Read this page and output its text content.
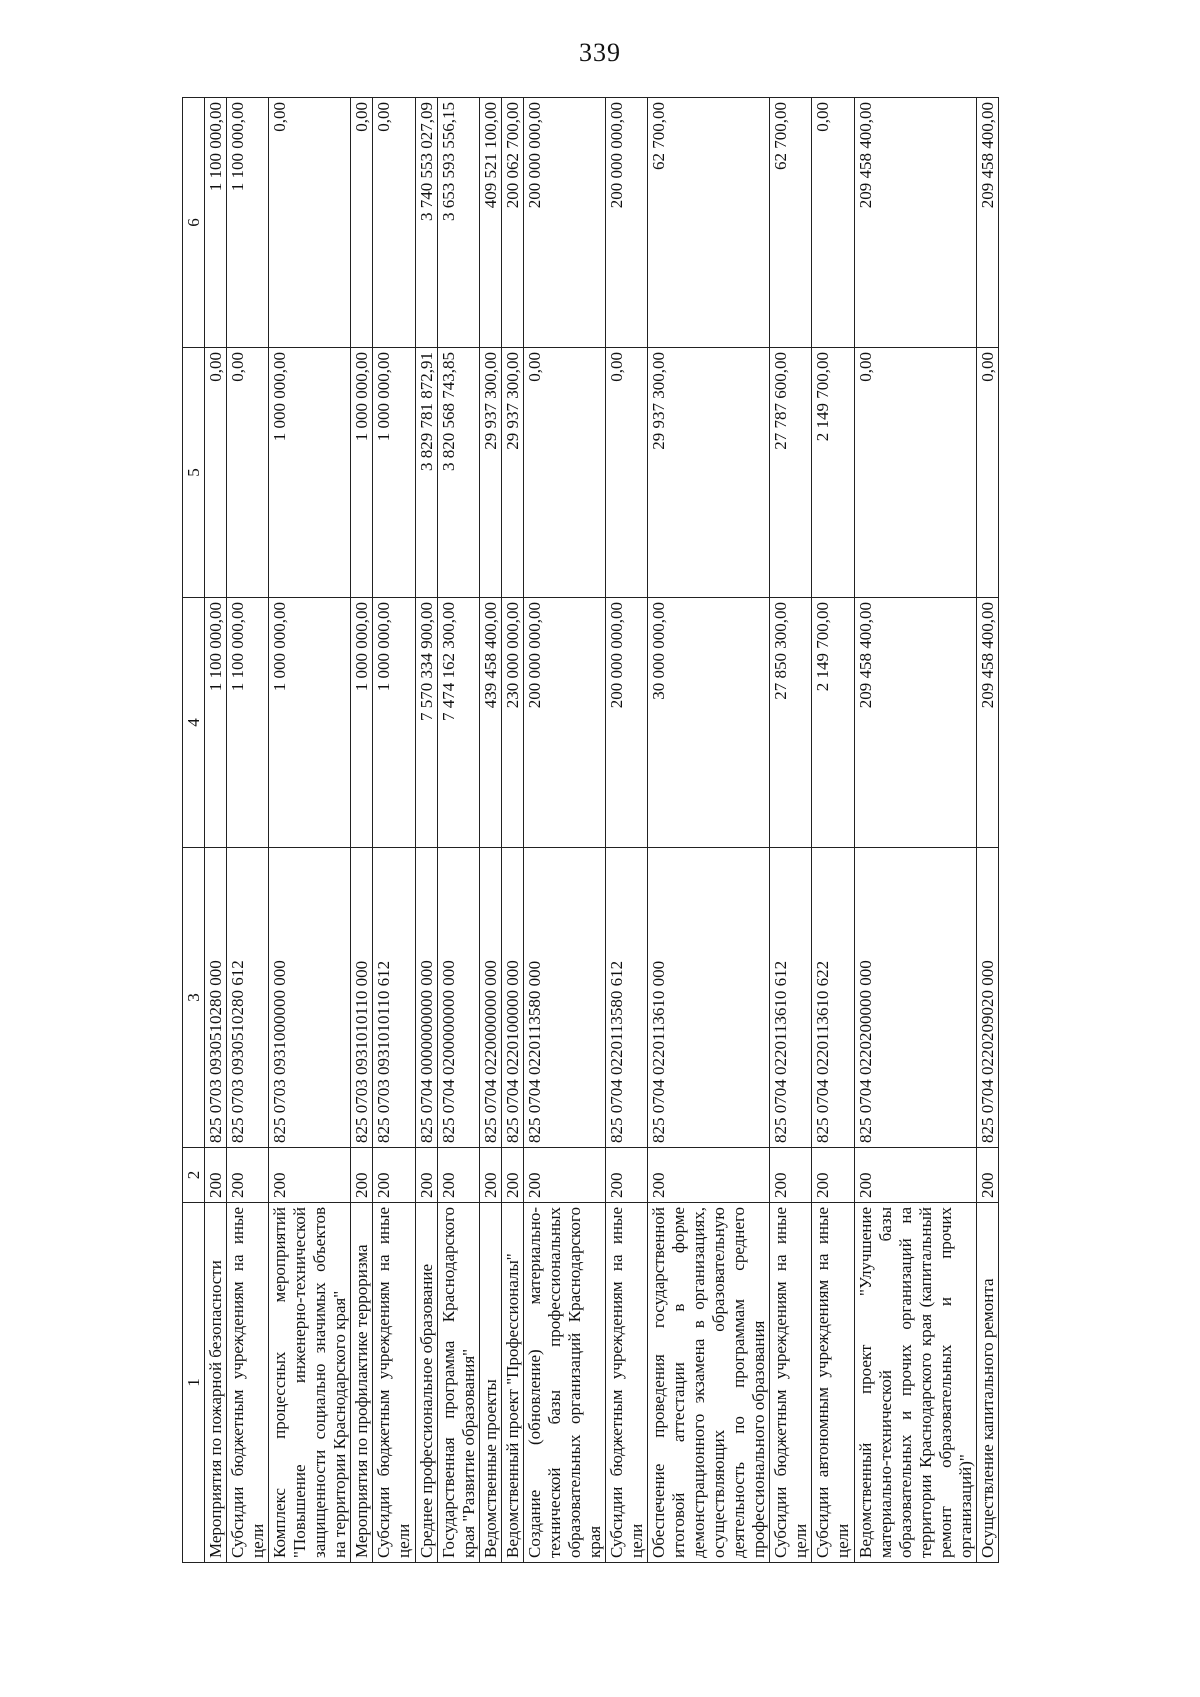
339
1	2	3	4	5	6
Мероприятия по пожарной безопасности	200	825 0703 0930510280 000	1 100 000,00	0,00	1 100 000,00
Субсидии бюджетным учреждениям на иные цели	200	825 0703 0930510280 612	1 100 000,00	0,00	1 100 000,00
Комплекс процессных мероприятий "Повышение инженерно-технической защищенности социально значимых объектов на территории Краснодарского края"	200	825 0703 0931000000 000	1 000 000,00	1 000 000,00	0,00
Мероприятия по профилактике терроризма	200	825 0703 0931010110 000	1 000 000,00	1 000 000,00	0,00
Субсидии бюджетным учреждениям на иные цели	200	825 0703 0931010110 612	1 000 000,00	1 000 000,00	0,00
Среднее профессиональное образование	200	825 0704 0000000000 000	7 570 334 900,00	3 829 781 872,91	3 740 553 027,09
Государственная программа Краснодарского края "Развитие образования"	200	825 0704 0200000000 000	7 474 162 300,00	3 820 568 743,85	3 653 593 556,15
Ведомственные проекты	200	825 0704 0220000000 000	439 458 400,00	29 937 300,00	409 521 100,00
Ведомственный проект "Профессионалы"	200	825 0704 0220100000 000	230 000 000,00	29 937 300,00	200 062 700,00
Создание (обновление) материально-технической базы профессиональных образовательных организаций Краснодарского края	200	825 0704 0220113580 000	200 000 000,00	0,00	200 000 000,00
Субсидии бюджетным учреждениям на иные цели	200	825 0704 0220113580 612	200 000 000,00	0,00	200 000 000,00
Обеспечение проведения государственной итоговой аттестации в форме демонстрационного экзамена в организациях, осуществляющих образовательную деятельность по программам среднего профессионального образования	200	825 0704 0220113610 000	30 000 000,00	29 937 300,00	62 700,00
Субсидии бюджетным учреждениям на иные цели	200	825 0704 0220113610 612	27 850 300,00	27 787 600,00	62 700,00
Субсидии автономным учреждениям на иные цели	200	825 0704 0220113610 622	2 149 700,00	2 149 700,00	0,00
Ведомственный проект "Улучшение материально-технической базы образовательных и прочих организаций на территории Краснодарского края (капитальный ремонт образовательных и прочих организаций)"	200	825 0704 0220200000 000	209 458 400,00	0,00	209 458 400,00
Осуществление капитального ремонта	200	825 0704 0220209020 000	209 458 400,00	0,00	209 458 400,00
